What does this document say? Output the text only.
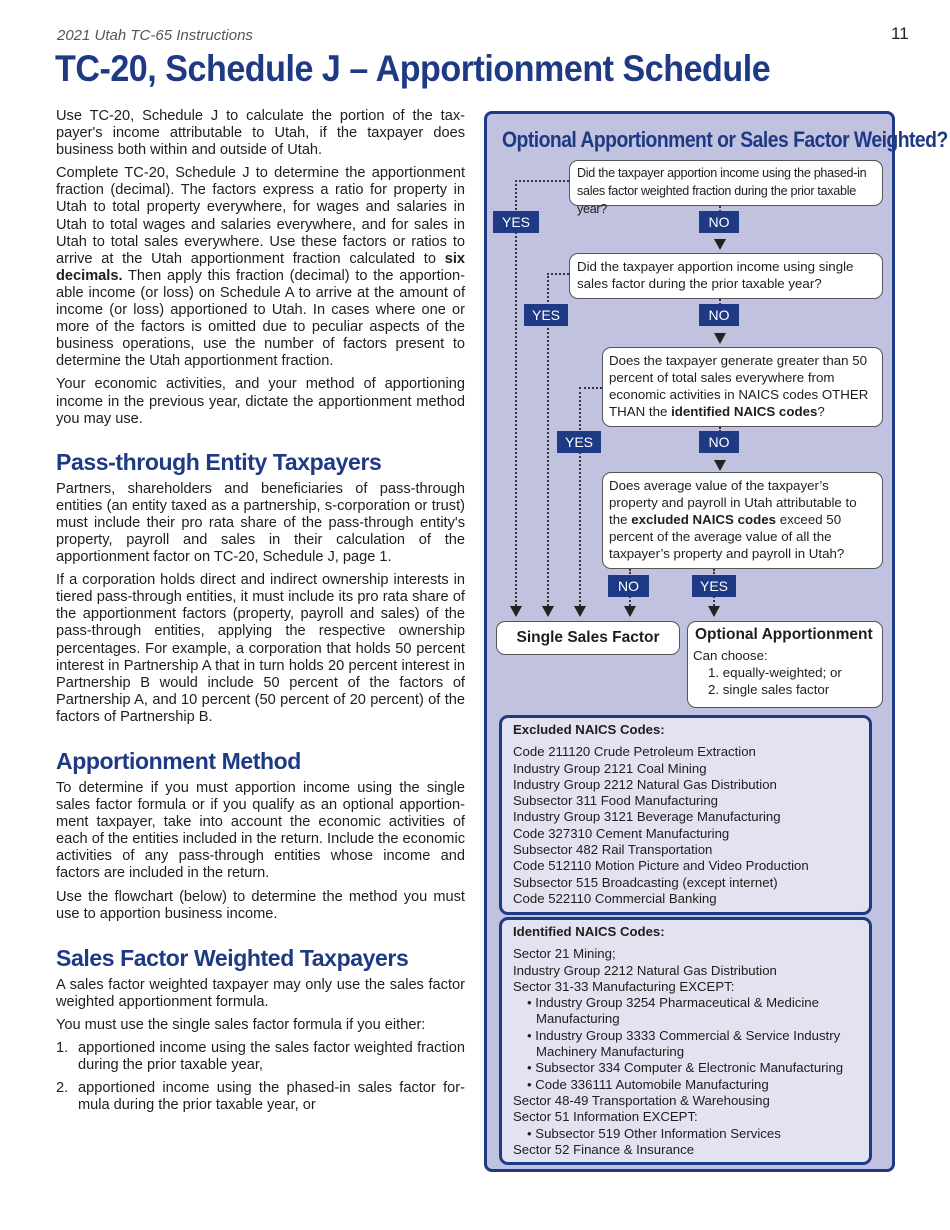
2021 Utah TC-65 Instructions	11
TC-20, Schedule J – Apportionment Schedule

Use TC-20, Schedule J to calculate the portion of the taxpayer's income attributable to Utah, if the taxpayer does business both within and outside of Utah.

Complete TC-20, Schedule J to determine the apportionment fraction (decimal). The factors express a ratio for property in Utah to total property everywhere, for wages and salaries in Utah to total wages and salaries everywhere, and for sales in Utah to total sales everywhere. Use these factors or ratios to arrive at the Utah apportionment fraction calculated to six decimals. Then apply this fraction (decimal) to the apportionable income (or loss) on Schedule A to arrive at the amount of income (or loss) apportioned to Utah. In cases where one or more of the factors is omitted due to peculiar aspects of the business operations, use the number of factors present to determine the Utah apportionment fraction.

Your economic activities, and your method of apportioning income in the previous year, dictate the apportionment method you may use.

Pass-through Entity Taxpayers

Partners, shareholders and beneficiaries of pass-through entities (an entity taxed as a partnership, s-corporation or trust) must include their pro rata share of the pass-through entity's property, payroll and sales in their calculation of the apportionment factor on TC-20, Schedule J, page 1.

If a corporation holds direct and indirect ownership interests in tiered pass-through entities, it must include its pro rata share of the apportionment factors (property, payroll and sales) of the pass-through entities, applying the respective ownership percentages. For example, a corporation that holds 50 percent interest in Partnership A that in turn holds 20 percent interest in Partnership B would include 50 percent of the factors of Partnership A, and 10 percent (50 percent of 20 percent) of the factors of Partnership B.

Apportionment Method

To determine if you must apportion income using the single sales factor formula or if you qualify as an optional apportionment taxpayer, take into account the economic activities of each of the entities included in the return. Include the economic activities of any pass-through entities whose income and factors are included in the return.

Use the flowchart (below) to determine the method you must use to apportion business income.

Sales Factor Weighted Taxpayers

A sales factor weighted taxpayer may only use the sales factor weighted apportionment formula.

You must use the single sales factor formula if you either:

1. apportioned income using the sales factor weighted fraction during the prior taxable year,
2. apportioned income using the phased-in sales factor formula during the prior taxable year, or
Optional Apportionment or Sales Factor Weighted?
Did the taxpayer apportion income using the phased-in sales factor weighted fraction during the prior taxable year?
YES	NO
Did the taxpayer apportion income using single sales factor during the prior taxable year?
YES	NO
Does the taxpayer generate greater than 50 percent of total sales everywhere from economic activities in NAICS codes OTHER THAN the identified NAICS codes?
YES	NO
Does average value of the taxpayer’s property and payroll in Utah attributable to the excluded NAICS codes exceed 50 percent of the average value of all the taxpayer’s property and payroll in Utah?
NO	YES
Single Sales Factor	Optional Apportionment
Can choose:
1. equally-weighted; or
2. single sales factor
Excluded NAICS Codes:
Code 211120 Crude Petroleum Extraction
Industry Group 2121 Coal Mining
Industry Group 2212 Natural Gas Distribution
Subsector 311 Food Manufacturing
Industry Group 3121 Beverage Manufacturing
Code 327310 Cement Manufacturing
Subsector 482 Rail Transportation
Code 512110 Motion Picture and Video Production
Subsector 515 Broadcasting (except internet)
Code 522110 Commercial Banking
Identified NAICS Codes:
Sector 21 Mining;
Industry Group 2212 Natural Gas Distribution
Sector 31-33 Manufacturing EXCEPT:
• Industry Group 3254 Pharmaceutical & Medicine Manufacturing
• Industry Group 3333 Commercial & Service Industry Machinery Manufacturing
• Subsector 334 Computer & Electronic Manufacturing
• Code 336111 Automobile Manufacturing
Sector 48-49 Transportation & Warehousing
Sector 51 Information EXCEPT:
• Subsector 519 Other Information Services
Sector 52 Finance & Insurance
